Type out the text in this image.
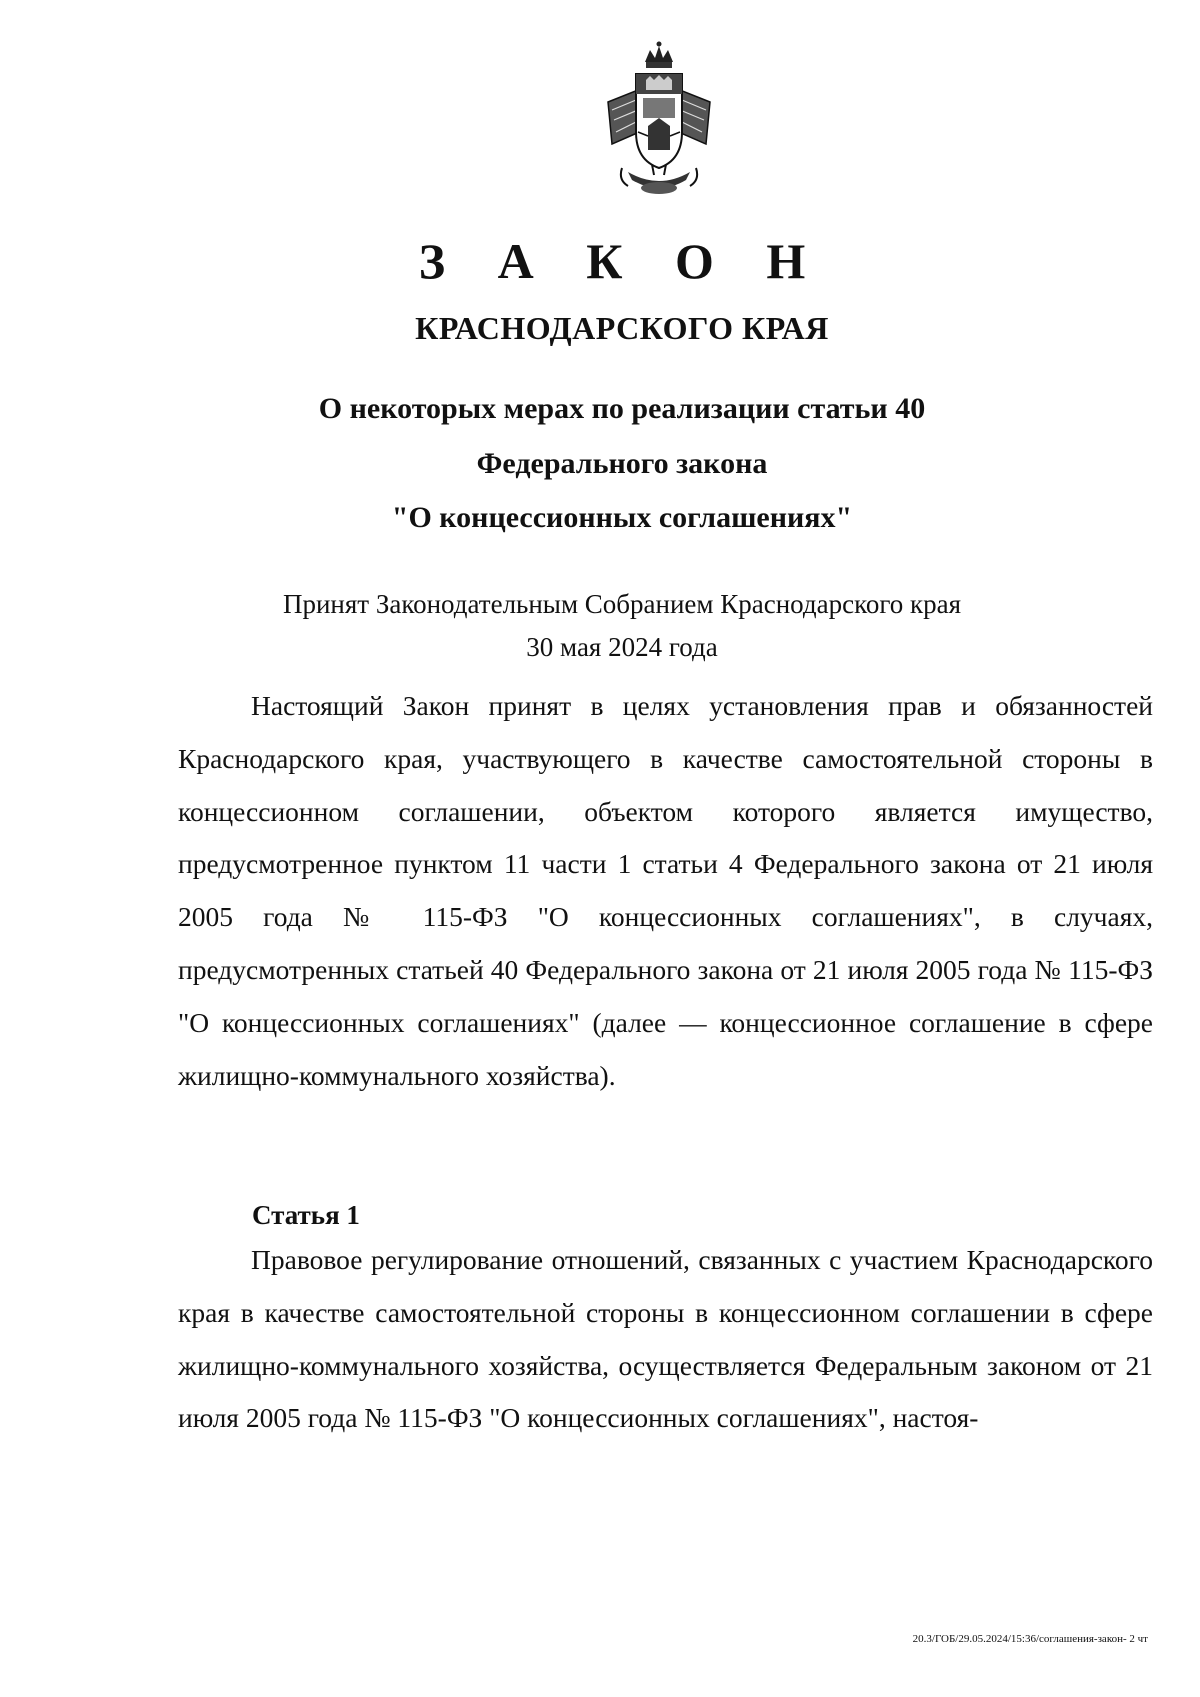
З А К О Н
КРАСНОДАРСКОГО КРАЯ
О некоторых мерах по реализации статьи 40
Федерального закона
"О концессионных соглашениях"
Принят Законодательным Собранием Краснодарского края
30 мая 2024 года

Настоящий Закон принят в целях установления прав и обязанностей Краснодарского края, участвующего в качестве самостоятельной стороны в концессионном соглашении, объектом которого является имущество, предусмотренное пунктом 11 части 1 статьи 4 Федерального закона от 21 июля 2005 года № 115-ФЗ "О концессионных соглашениях", в случаях, предусмотренных статьей 40 Федерального закона от 21 июля 2005 года № 115-ФЗ "О концессионных соглашениях" (далее — концессионное соглашение в сфере жилищно-коммунального хозяйства).

Статья 1

Правовое регулирование отношений, связанных с участием Краснодарского края в качестве самостоятельной стороны в концессионном соглашении в сфере жилищно-коммунального хозяйства, осуществляется Федеральным законом от 21 июля 2005 года № 115-ФЗ "О концессионных соглашениях", настоя-

20.3/ГОБ/29.05.2024/15:36/соглашения-закон- 2 чт
